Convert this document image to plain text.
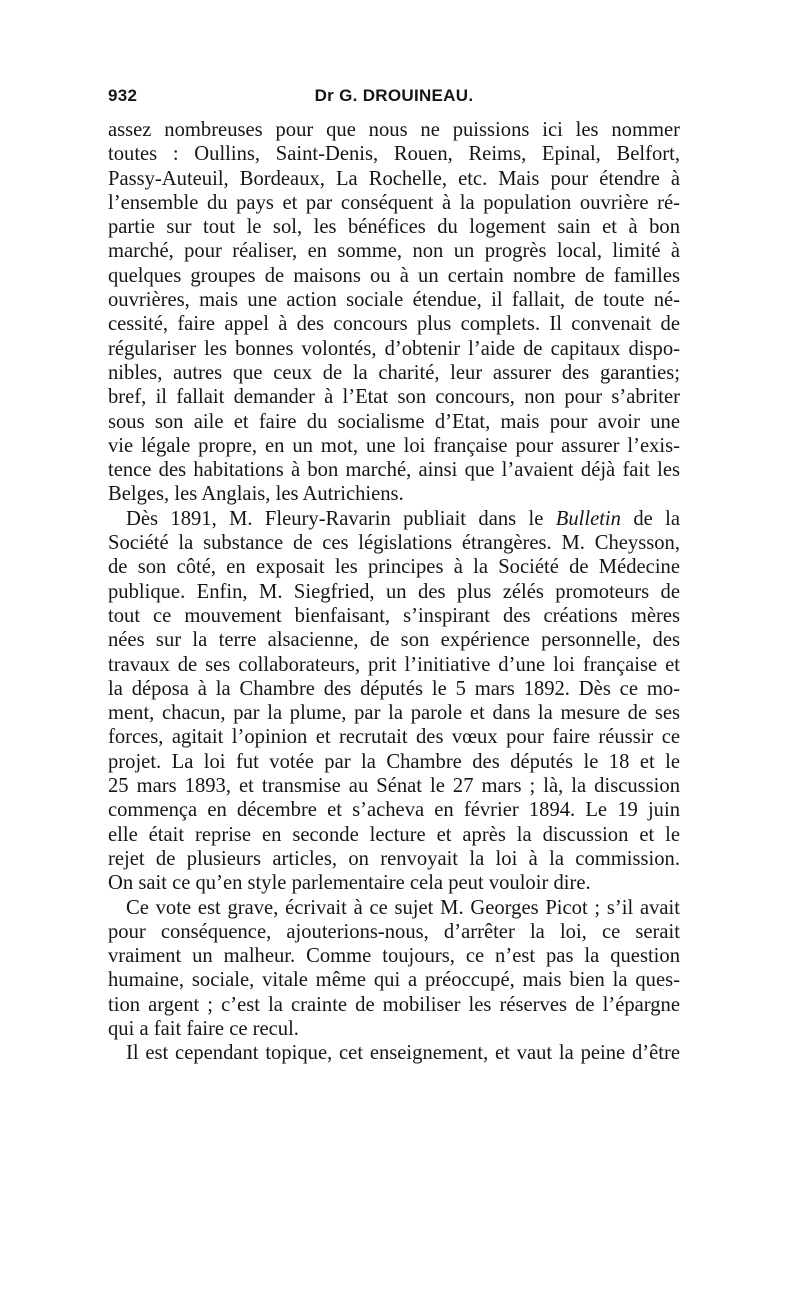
932	Dr G. DROUINEAU.
assez nombreuses pour que nous ne puissions ici les nommer
toutes : Oullins, Saint-Denis, Rouen, Reims, Epinal, Belfort,
Passy-Auteuil, Bordeaux, La Rochelle, etc. Mais pour étendre à
l’ensemble du pays et par conséquent à la population ouvrière ré-
partie sur tout le sol, les bénéfices du logement sain et à bon
marché, pour réaliser, en somme, non un progrès local, limité à
quelques groupes de maisons ou à un certain nombre de familles
ouvrières, mais une action sociale étendue, il fallait, de toute né-
cessité, faire appel à des concours plus complets. Il convenait de
régulariser les bonnes volontés, d’obtenir l’aide de capitaux dispo-
nibles, autres que ceux de la charité, leur assurer des garanties;
bref, il fallait demander à l’Etat son concours, non pour s’abriter
sous son aile et faire du socialisme d’Etat, mais pour avoir une
vie légale propre, en un mot, une loi française pour assurer l’exis-
tence des habitations à bon marché, ainsi que l’avaient déjà fait les
Belges, les Anglais, les Autrichiens.
Dès 1891, M. Fleury-Ravarin publiait dans le Bulletin de la
Société la substance de ces législations étrangères. M. Cheysson,
de son côté, en exposait les principes à la Société de Médecine
publique. Enfin, M. Siegfried, un des plus zélés promoteurs de
tout ce mouvement bienfaisant, s’inspirant des créations mères
nées sur la terre alsacienne, de son expérience personnelle, des
travaux de ses collaborateurs, prit l’initiative d’une loi française et
la déposa à la Chambre des députés le 5 mars 1892. Dès ce mo-
ment, chacun, par la plume, par la parole et dans la mesure de ses
forces, agitait l’opinion et recrutait des vœux pour faire réussir ce
projet. La loi fut votée par la Chambre des députés le 18 et le
25 mars 1893, et transmise au Sénat le 27 mars ; là, la discussion
commença en décembre et s’acheva en février 1894. Le 19 juin
elle était reprise en seconde lecture et après la discussion et le
rejet de plusieurs articles, on renvoyait la loi à la commission.
On sait ce qu’en style parlementaire cela peut vouloir dire.
Ce vote est grave, écrivait à ce sujet M. Georges Picot ; s’il avait
pour conséquence, ajouterions-nous, d’arrêter la loi, ce serait
vraiment un malheur. Comme toujours, ce n’est pas la question
humaine, sociale, vitale même qui a préoccupé, mais bien la ques-
tion argent ; c’est la crainte de mobiliser les réserves de l’épargne
qui a fait faire ce recul.
Il est cependant topique, cet enseignement, et vaut la peine d’être
